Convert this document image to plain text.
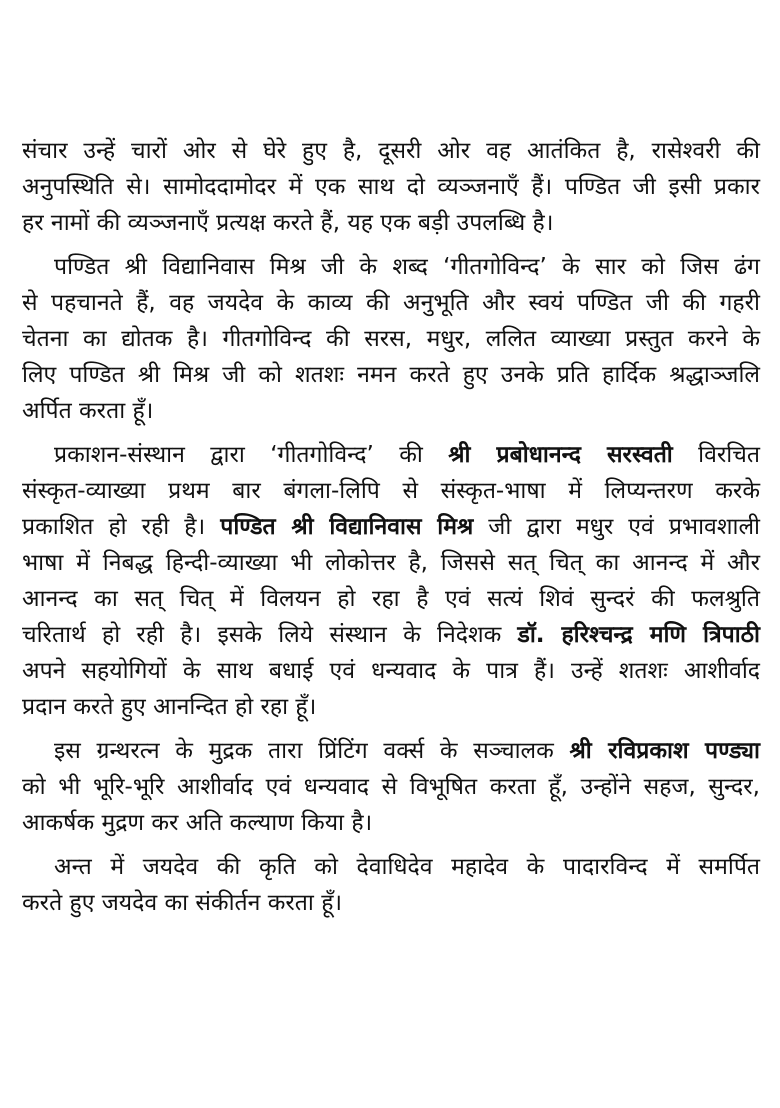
संचार उन्हें चारों ओर से घेरे हुए है, दूसरी ओर वह आतंकित है, रासेश्वरी की
अनुपस्थिति से। सामोददामोदर में एक साथ दो व्यञ्जनाएँ हैं। पण्डित जी इसी प्रकार
हर नामों की व्यञ्जनाएँ प्रत्यक्ष करते हैं, यह एक बड़ी उपलब्धि है।
पण्डित श्री विद्यानिवास मिश्र जी के शब्द ‘गीतगोविन्द’ के सार को जिस ढंग
से पहचानते हैं, वह जयदेव के काव्य की अनुभूति और स्वयं पण्डित जी की गहरी
चेतना का द्योतक है। गीतगोविन्द की सरस, मधुर, ललित व्याख्या प्रस्तुत करने के
लिए पण्डित श्री मिश्र जी को शतशः नमन करते हुए उनके प्रति हार्दिक श्रद्धाञ्जलि
अर्पित करता हूँ।
प्रकाशन-संस्थान द्वारा ‘गीतगोविन्द’ की श्री प्रबोधानन्द सरस्वती विरचित
संस्कृत-व्याख्या प्रथम बार बंगला-लिपि से संस्कृत-भाषा में लिप्यन्तरण करके
प्रकाशित हो रही है। पण्डित श्री विद्यानिवास मिश्र जी द्वारा मधुर एवं प्रभावशाली
भाषा में निबद्ध हिन्दी-व्याख्या भी लोकोत्तर है, जिससे सत् चित् का आनन्द में और
आनन्द का सत् चित् में विलयन हो रहा है एवं सत्यं शिवं सुन्दरं की फलश्रुति
चरितार्थ हो रही है। इसके लिये संस्थान के निदेशक डॉ. हरिश्चन्द्र मणि त्रिपाठी
अपने सहयोगियों के साथ बधाई एवं धन्यवाद के पात्र हैं। उन्हें शतशः आशीर्वाद
प्रदान करते हुए आनन्दित हो रहा हूँ।
इस ग्रन्थरत्न के मुद्रक तारा प्रिंटिंग वर्क्स के सञ्चालक श्री रविप्रकाश पण्ड्या
को भी भूरि-भूरि आशीर्वाद एवं धन्यवाद से विभूषित करता हूँ, उन्होंने सहज, सुन्दर,
आकर्षक मुद्रण कर अति कल्याण किया है।
अन्त में जयदेव की कृति को देवाधिदेव महादेव के पादारविन्द में समर्पित
करते हुए जयदेव का संकीर्तन करता हूँ।
